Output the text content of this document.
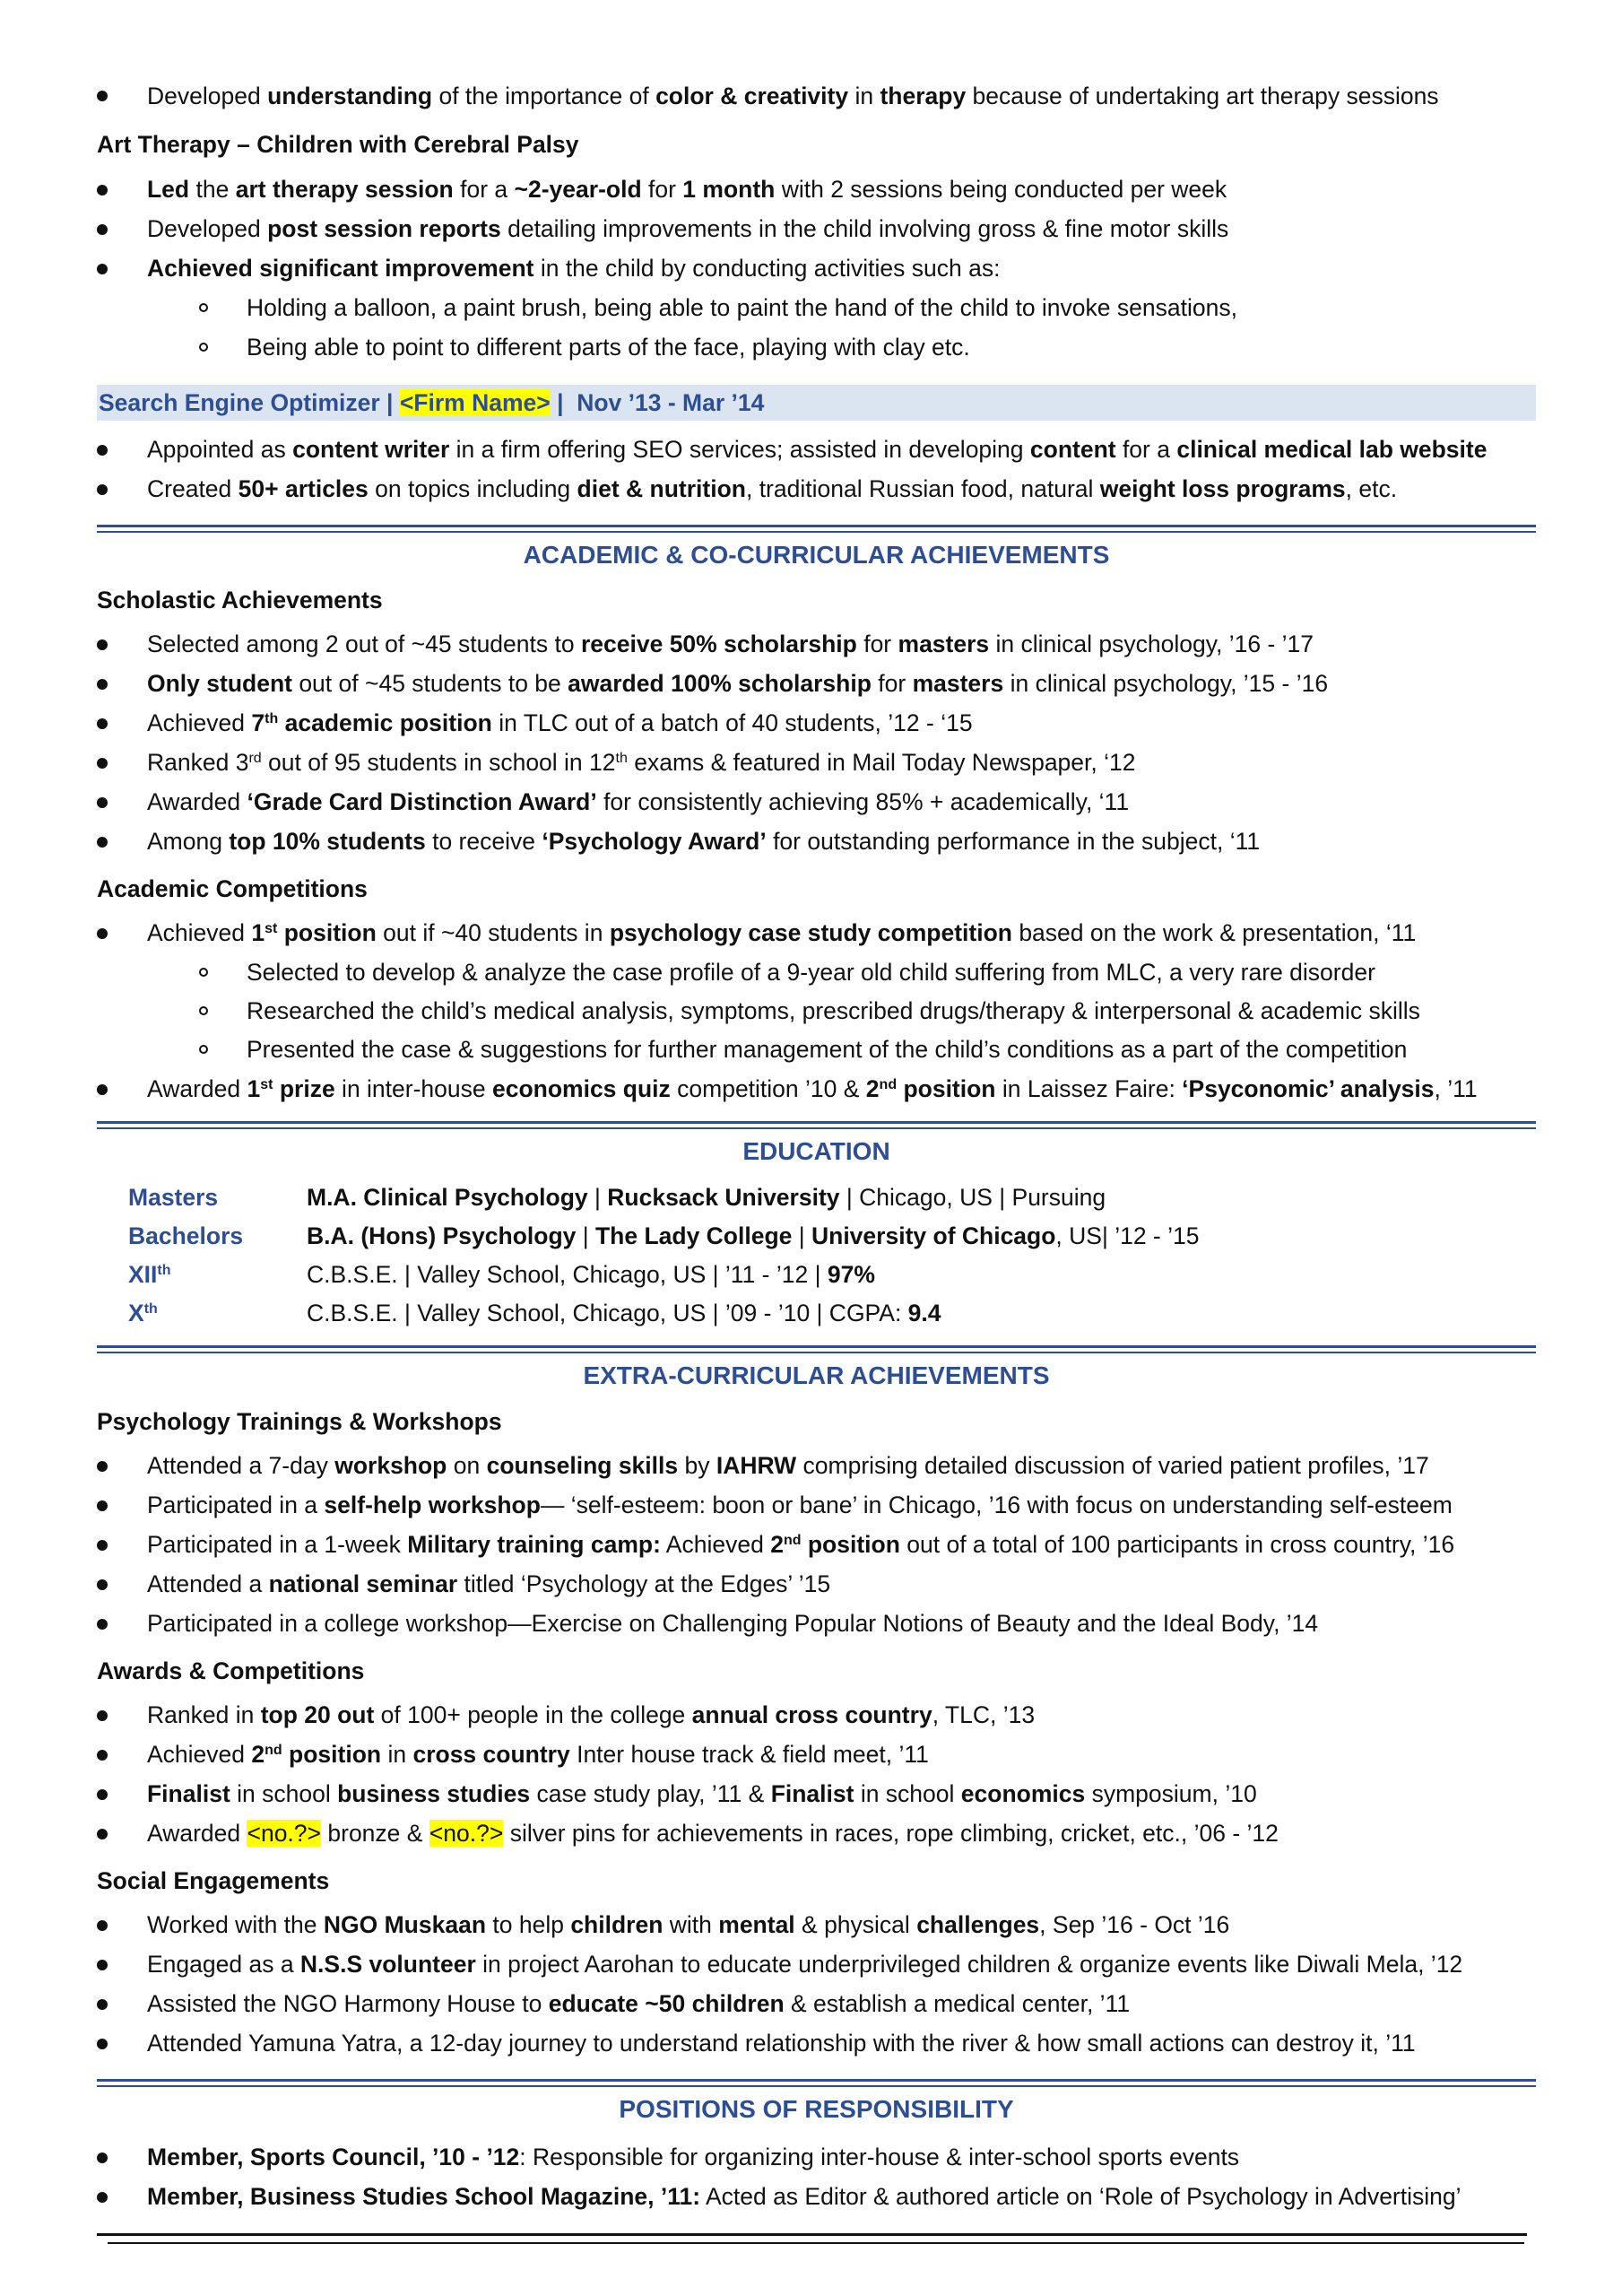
Developed understanding of the importance of color & creativity in therapy because of undertaking art therapy sessions
Art Therapy – Children with Cerebral Palsy
Led the art therapy session for a ~2-year-old for 1 month with 2 sessions being conducted per week
Developed post session reports detailing improvements in the child involving gross & fine motor skills
Achieved significant improvement in the child by conducting activities such as:
Holding a balloon, a paint brush, being able to paint the hand of the child to invoke sensations,
Being able to point to different parts of the face, playing with clay etc.
Search Engine Optimizer | <Firm Name> |  Nov ’13 - Mar ’14
Appointed as content writer in a firm offering SEO services; assisted in developing content for a clinical medical lab website
Created 50+ articles on topics including diet & nutrition, traditional Russian food, natural weight loss programs, etc.
ACADEMIC & CO-CURRICULAR ACHIEVEMENTS
Scholastic Achievements
Selected among 2 out of ~45 students to receive 50% scholarship for masters in clinical psychology, ’16 - ’17
Only student out of ~45 students to be awarded 100% scholarship for masters in clinical psychology, ’15 - ’16
Achieved 7th academic position in TLC out of a batch of 40 students, ’12 - ‘15
Ranked 3rd out of 95 students in school in 12th exams & featured in Mail Today Newspaper, ‘12
Awarded ‘Grade Card Distinction Award’ for consistently achieving 85% + academically, ‘11
Among top 10% students to receive ‘Psychology Award’ for outstanding performance in the subject, ‘11
Academic Competitions
Achieved 1st position out if ~40 students in psychology case study competition based on the work & presentation, ‘11
Selected to develop & analyze the case profile of a 9-year old child suffering from MLC, a very rare disorder
Researched the child’s medical analysis, symptoms, prescribed drugs/therapy & interpersonal & academic skills
Presented the case & suggestions for further management of the child’s conditions as a part of the competition
Awarded 1st prize in inter-house economics quiz competition ’10 & 2nd position in Laissez Faire: ‘Psyconomic’ analysis, ’11
EDUCATION
Masters	M.A. Clinical Psychology | Rucksack University | Chicago, US | Pursuing
Bachelors	B.A. (Hons) Psychology | The Lady College | University of Chicago, US| ’12 - ’15
XIIth	C.B.S.E. | Valley School, Chicago, US | ’11 - ’12 | 97%
Xth	C.B.S.E. | Valley School, Chicago, US | ’09 - ’10 | CGPA: 9.4
EXTRA-CURRICULAR ACHIEVEMENTS
Psychology Trainings & Workshops
Attended a 7-day workshop on counseling skills by IAHRW comprising detailed discussion of varied patient profiles, ’17
Participated in a self-help workshop— ‘self-esteem: boon or bane’ in Chicago, ’16 with focus on understanding self-esteem
Participated in a 1-week Military training camp: Achieved 2nd position out of a total of 100 participants in cross country, ’16
Attended a national seminar titled ‘Psychology at the Edges’ ’15
Participated in a college workshop—Exercise on Challenging Popular Notions of Beauty and the Ideal Body, ’14
Awards & Competitions
Ranked in top 20 out of 100+ people in the college annual cross country, TLC, ’13
Achieved 2nd position in cross country Inter house track & field meet, ’11
Finalist in school business studies case study play, ’11 & Finalist in school economics symposium, ’10
Awarded <no.?> bronze & <no.?> silver pins for achievements in races, rope climbing, cricket, etc., ’06 - ’12
Social Engagements
Worked with the NGO Muskaan to help children with mental & physical challenges, Sep ’16 - Oct ’16
Engaged as a N.S.S volunteer in project Aarohan to educate underprivileged children & organize events like Diwali Mela, ’12
Assisted the NGO Harmony House to educate ~50 children & establish a medical center, ’11
Attended Yamuna Yatra, a 12-day journey to understand relationship with the river & how small actions can destroy it, ’11
POSITIONS OF RESPONSIBILITY
Member, Sports Council, ’10 - ’12: Responsible for organizing inter-house & inter-school sports events
Member, Business Studies School Magazine, ’11: Acted as Editor & authored article on ‘Role of Psychology in Advertising’
